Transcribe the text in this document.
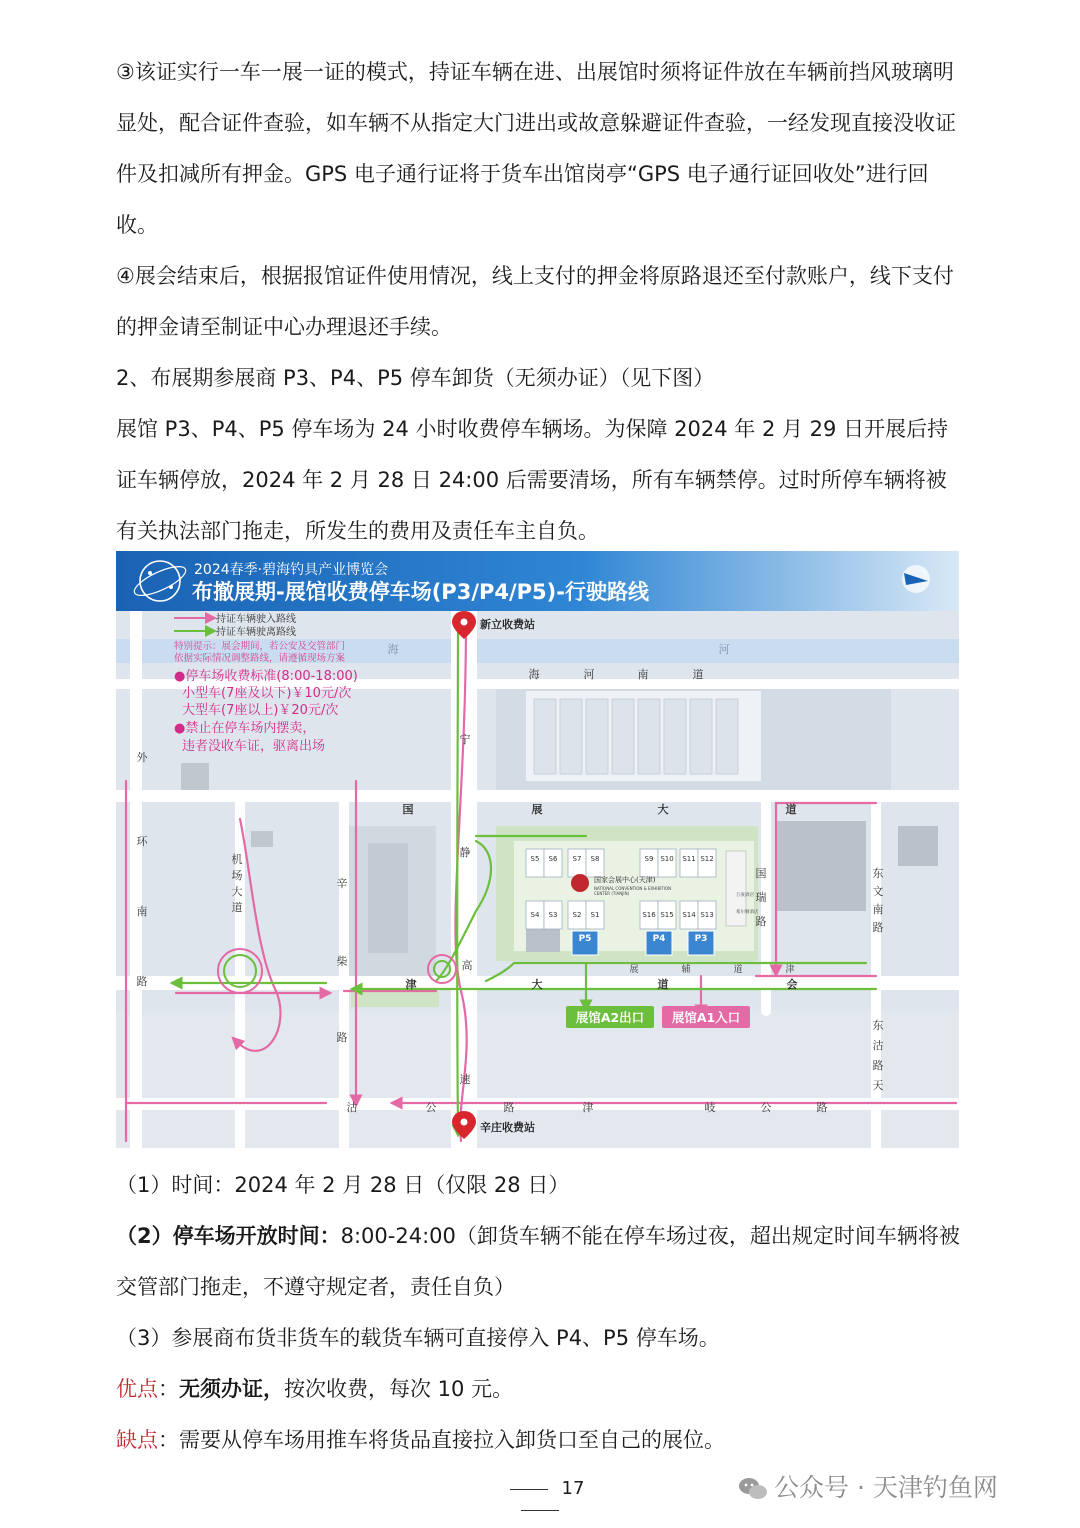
③该证实行一车一展一证的模式，持证车辆在进、出展馆时须将证件放在车辆前挡风玻璃明显处，配合证件查验，如车辆不从指定大门进出或故意躲避证件查验，一经发现直接没收证件及扣减所有押金。GPS 电子通行证将于货车出馆岗亭“GPS 电子通行证回收处”进行回收。

④展会结束后，根据报馆证件使用情况，线上支付的押金将原路退还至付款账户，线下支付的押金请至制证中心办理退还手续。

2、布展期参展商 P3、P4、P5 停车卸货（无须办证）（见下图）

展馆 P3、P4、P5 停车场为 24 小时收费停车辆场。为保障 2024 年 2 月 29 日开展后持证车辆停放，2024 年 2 月 28 日 24:00 后需要清场，所有车辆禁停。过时所停车辆将被有关执法部门拖走，所发生的费用及责任车主自负。

2024春季·碧海钓具产业博览会
布撤展期-展馆收费停车场(P3/P4/P5)-行驶路线
持证车辆驶入路线
持证车辆驶离路线
特别提示：展会期间，若公安及交管部门
依据实际情况调整路线，请遵循现场方案
●停车场收费标准(8:00-18:00)
小型车(7座及以下)￥10元/次
大型车(7座以上)￥20元/次
●禁止在停车场内摆卖，
违者没收车证，驱离出场
新立收费站
辛庄收费站
S5 S6 S7 S8	S9 S10 S11 S12
S4 S3 S2 S1	S16 S15 S14 S13
国家会展中心(天津)
NATIONAL CONVENTION & EXHIBITION
CENTER (TIANJIN)	万豪酒店
希尔顿酒店
P5	P4	P3
展馆A2出口 展馆A1入口
海	河
海	河	南	道
国	展	大	道
外
环
南
路
机
场
大
道
辛
柴
路
宁
静
高
速
国
瑞
路
东
文
南
路
东
沽
路
天
津	大	道	会
展	辅	道	津
沽	公	路	津	岐	公	路
（1）时间：2024 年 2 月 28 日（仅限 28 日）
（2）停车场开放时间：8:00-24:00（卸货车辆不能在停车场过夜，超出规定时间车辆将被
交管部门拖走，不遵守规定者，责任自负）
（3）参展商布货非货车的载货车辆可直接停入 P4、P5 停车场。
优点：无须办证，按次收费，每次 10 元。
缺点：需要从停车场用推车将货品直接拉入卸货口至自己的展位。
17	公众号 · 天津钓鱼网
